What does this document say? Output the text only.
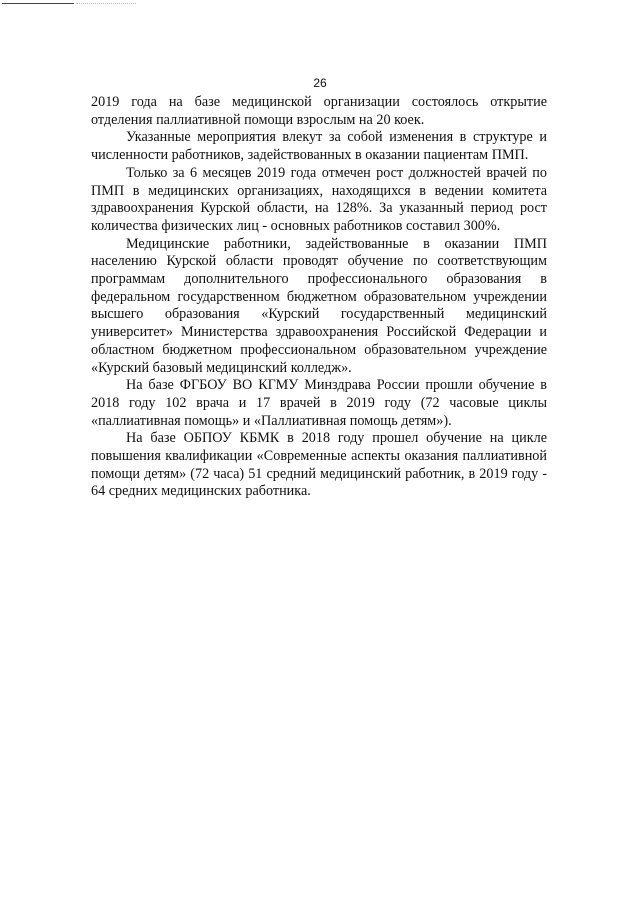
26

2019 года на базе медицинской организации состоялось открытие отделения паллиативной помощи взрослым на 20 коек.

Указанные мероприятия влекут за собой изменения в структуре и численности работников, задействованных в оказании пациентам ПМП.

Только за 6 месяцев 2019 года отмечен рост должностей врачей по ПМП в медицинских организациях, находящихся в ведении комитета здравоохранения Курской области, на 128%. За указанный период рост количества физических лиц - основных работников составил 300%.

Медицинские работники, задействованные в оказании ПМП населению Курской области проводят обучение по соответствующим программам дополнительного профессионального образования в федеральном государственном бюджетном образовательном учреждении высшего образования «Курский государственный медицинский университет» Министерства здравоохранения Российской Федерации и областном бюджетном профессиональном образовательном учреждение «Курский базовый медицинский колледж».

На базе ФГБОУ ВО КГМУ Минздрава России прошли обучение в 2018 году 102 врача и 17 врачей в 2019 году (72 часовые циклы «паллиативная помощь» и «Паллиативная помощь детям»).

На базе ОБПОУ КБМК в 2018 году прошел обучение на цикле повышения квалификации «Современные аспекты оказания паллиативной помощи детям» (72 часа) 51 средний медицинский работник, в 2019 году - 64 средних медицинских работника.
